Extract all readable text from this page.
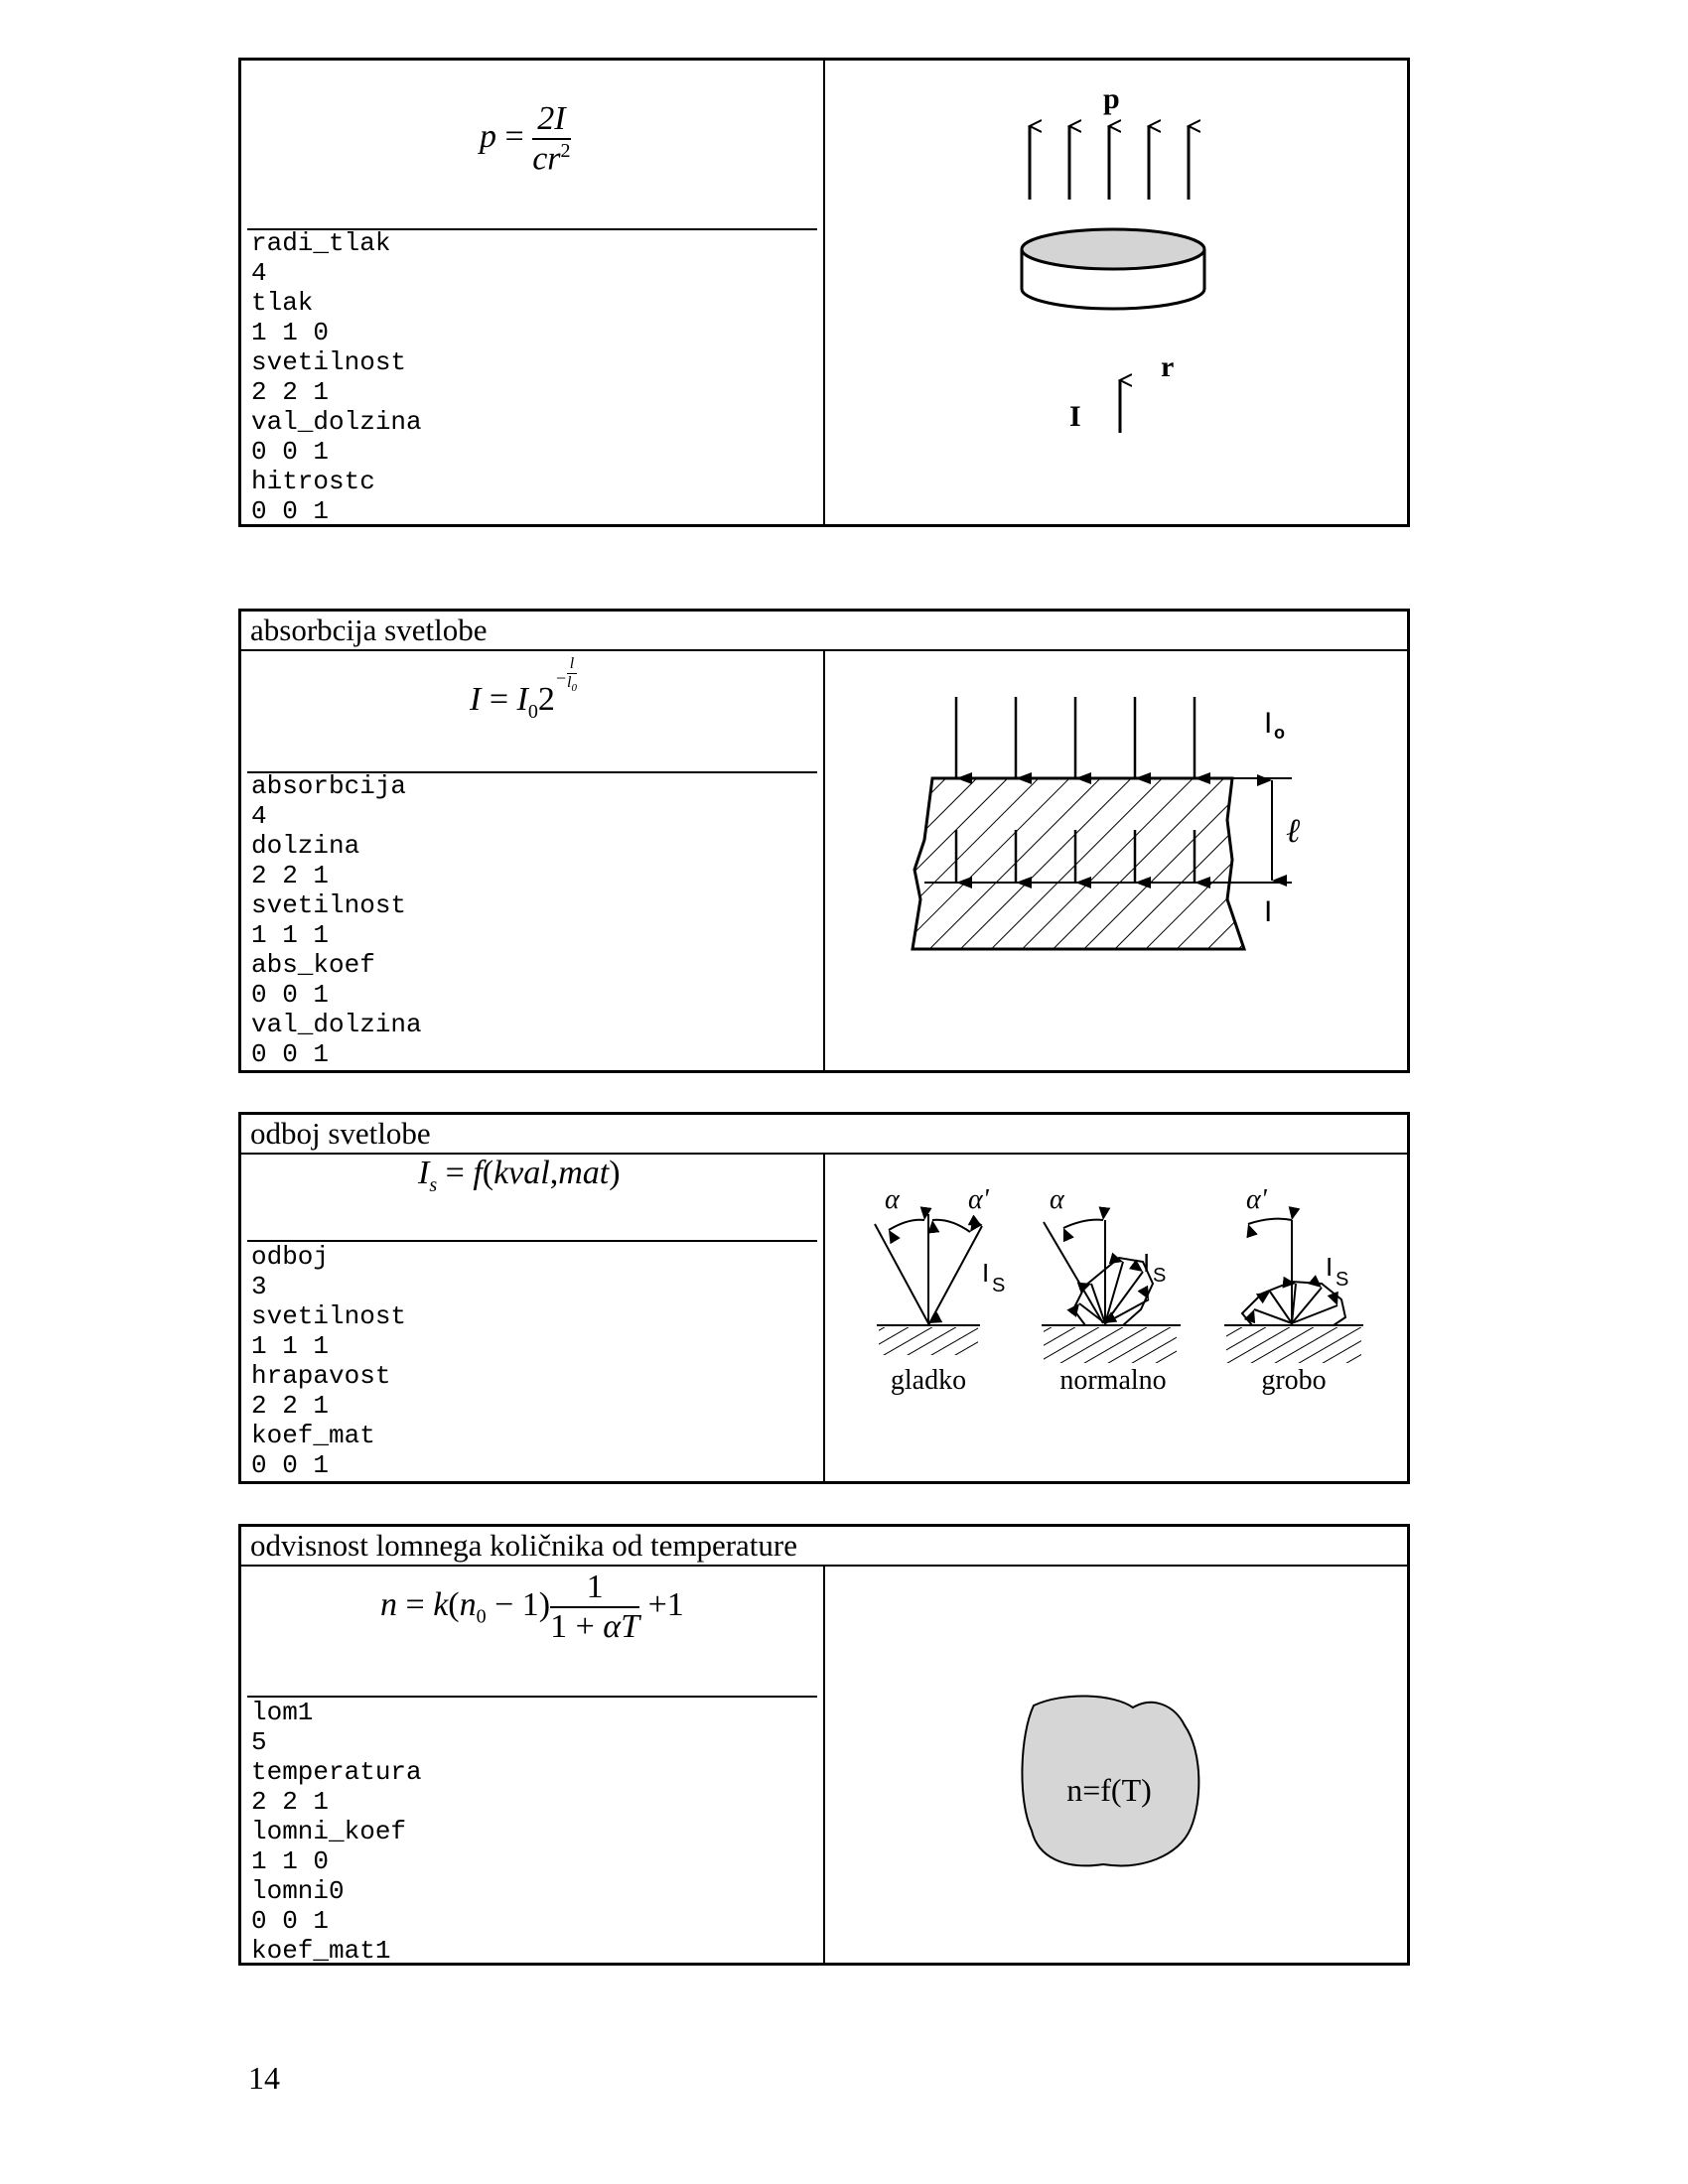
$p = \frac{2I}{cr^2}$
radi_tlak
4
tlak
1 1 0
svetilnost
2 2 1
val_dolzina
0 0 1
hitrostc
0 0 1
p
r
I
absorbcija svetlobe
$I = I_02^{- \frac{l}{l_0}}$
absorbcija
4
dolzina
2 2 1
svetilnost
1 1 1
abs_koef
0 0 1
val_dolzina
0 0 1
I o
ℓ
I
odboj svetlobe
$I_s$ = f(kval,mat)
odboj
3
svetilnost
1 1 1
hrapavost
2 2 1
koef_mat
0 0 1
α α'
I S
gladko
α
I S
normalno
α'
I S
grobo
odvisnost lomnega količnika od temperature
$n = k(n_0 - 1) \frac{1}{1 + \alpha T} +1$
lom1
5
temperatura
2 2 1
lomni_koef
1 1 0
lomni0
0 0 1
koef_mat1
n=f(T)
14
